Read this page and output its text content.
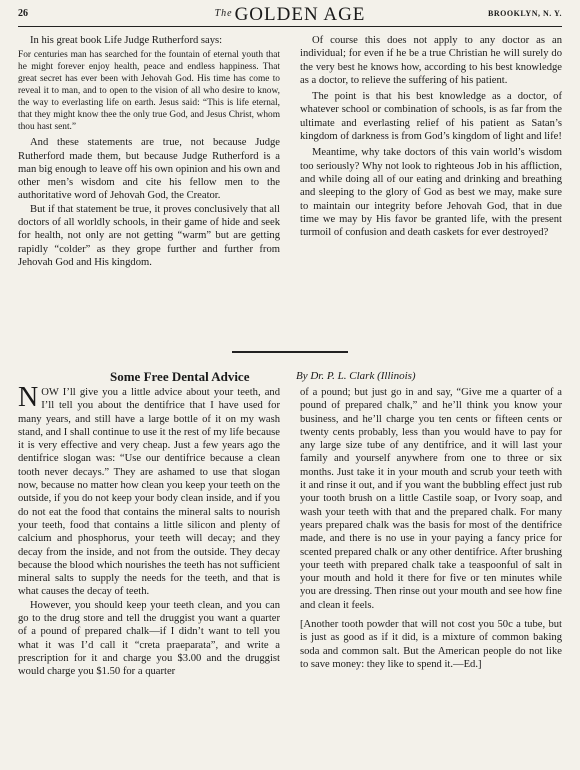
26	$^{The}$ GOLDEN AGE	BROOKLYN, N. Y.

In his great book Life Judge Rutherford says:

For centuries man has searched for the fountain of eternal youth that he might forever enjoy health, peace and endless happiness. That great secret has ever been with Jehovah God. His time has come to reveal it to man, and to open to the vision of all who desire to know, the way to everlasting life on earth. Jesus said: “This is life eternal, that they might know thee the only true God, and Jesus Christ, whom thou hast sent.”

And these statements are true, not because Judge Rutherford made them, but because Judge Rutherford is a man big enough to leave off his own opinion and his own and other men’s wisdom and cite his fellow men to the authoritative word of Jehovah God, the Creator.

But if that statement be true, it proves conclusively that all doctors of all worldly schools, in their game of hide and seek for health, not only are not getting “warm” but are getting rapidly “colder” as they grope further and further from Jehovah God and His kingdom.

Of course this does not apply to any doctor as an individual; for even if he be a true Christian he will surely do the very best he knows how, according to his best knowledge as a doctor, to relieve the suffering of his patient.

The point is that his best knowledge as a doctor, of whatever school or combination of schools, is as far from the ultimate and everlasting relief of his patient as Satan’s kingdom of darkness is from God’s kingdom of light and life!

Meantime, why take doctors of this vain world’s wisdom too seriously? Why not look to righteous Job in his affliction, and while doing all of our eating and drinking and breathing and sleeping to the glory of God as best we may, make sure to maintain our integrity before Jehovah God, that in due time we may by His favor be granted life, with the present turmoil of confusion and death caskets for ever destroyed?

Some Free Dental Advice	By Dr. P. L. Clark (Illinois)

NOW I’ll give you a little advice about your teeth, and I’ll tell you about the dentifrice that I have used for many years, and still have a large bottle of it on my wash stand, and I shall continue to use it the rest of my life because it is very effective and very cheap. Just a few years ago the dentifrice slogan was: “Use our dentifrice because a clean tooth never decays.” They are ashamed to use that slogan now, because no matter how clean you keep your teeth on the outside, if you do not keep your body clean inside, and if you do not eat the food that contains the mineral salts to nourish your teeth, food that contains a little silicon and plenty of calcium and phosphorus, your teeth will decay; and they decay from the inside, and not from the outside. They decay because the blood which nourishes the teeth has not sufficient mineral salts to supply the needs for the teeth, and that is what causes the decay of teeth.

However, you should keep your teeth clean, and you can go to the drug store and tell the druggist you want a quarter of a pound of prepared chalk—if I didn’t want to tell you what it was I’d call it “creta praeparata”, and write a prescription for it and charge you $3.00 and the druggist would charge you $1.50 for a quarter

of a pound; but just go in and say, “Give me a quarter of a pound of prepared chalk,” and he’ll think you know your business, and he’ll charge you ten cents or fifteen cents or twenty cents probably, less than you would have to pay for any large size tube of any dentifrice, and it will last your family and yourself anywhere from one to three or six months. Just take it in your mouth and scrub your teeth with it and rinse it out, and if you want the bubbling effect just rub your tooth brush on a little Castile soap, or Ivory soap, and wash your teeth with that and the prepared chalk. For many years prepared chalk was the basis for most of the dentifrice made, and there is no use in your paying a fancy price for scented prepared chalk or any other dentifrice. After brushing your teeth with prepared chalk take a teaspoonful of salt in your mouth and hold it there for five or ten minutes while you are dressing. Then rinse out your mouth and see how fine and clean it feels.

[Another tooth powder that will not cost you 50c a tube, but is just as good as if it did, is a mixture of common baking soda and common salt. But the American people do not like to save money: they like to spend it.—Ed.]
